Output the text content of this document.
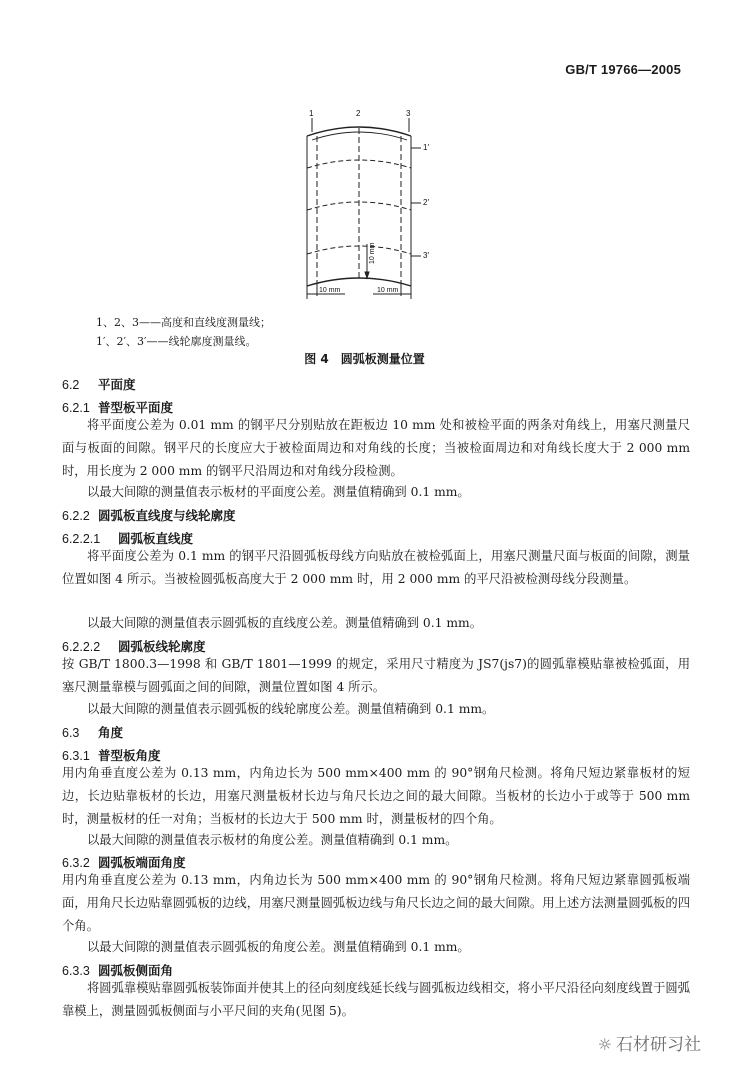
GB/T 19766—2005
1	2	3
1′
2′
3′
10 mm	10 mm
10 mm
1、2、3——高度和直线度测量线；
1′、2′、3′——线轮廓度测量线。
图 4　圆弧板测量位置
6.2 平面度
6.2.1 普型板平面度
将平面度公差为 0.01 mm 的钢平尺分别贴放在距板边 10 mm 处和被检平面的两条对角线上，用塞尺测量尺面与板面的间隙。钢平尺的长度应大于被检面周边和对角线的长度；当被检面周边和对角线长度大于 2 000 mm 时，用长度为 2 000 mm 的钢平尺沿周边和对角线分段检测。
以最大间隙的测量值表示板材的平面度公差。测量值精确到 0.1 mm。
6.2.2 圆弧板直线度与线轮廓度
6.2.2.1 圆弧板直线度
将平面度公差为 0.1 mm 的钢平尺沿圆弧板母线方向贴放在被检弧面上，用塞尺测量尺面与板面的间隙，测量位置如图 4 所示。当被检圆弧板高度大于 2 000 mm 时，用 2 000 mm 的平尺沿被检测母线分段测量。
以最大间隙的测量值表示圆弧板的直线度公差。测量值精确到 0.1 mm。
6.2.2.2 圆弧板线轮廓度
按 GB/T 1800.3—1998 和 GB/T 1801—1999 的规定，采用尺寸精度为 JS7(js7)的圆弧靠模贴靠被检弧面，用塞尺测量靠模与圆弧面之间的间隙，测量位置如图 4 所示。
以最大间隙的测量值表示圆弧板的线轮廓度公差。测量值精确到 0.1 mm。
6.3 角度
6.3.1 普型板角度
用内角垂直度公差为 0.13 mm，内角边长为 500 mm×400 mm 的 90°钢角尺检测。将角尺短边紧靠板材的短边，长边贴靠板材的长边，用塞尺测量板材长边与角尺长边之间的最大间隙。当板材的长边小于或等于 500 mm 时，测量板材的任一对角；当板材的长边大于 500 mm 时，测量板材的四个角。
以最大间隙的测量值表示板材的角度公差。测量值精确到 0.1 mm。
6.3.2 圆弧板端面角度
用内角垂直度公差为 0.13 mm，内角边长为 500 mm×400 mm 的 90°钢角尺检测。将角尺短边紧靠圆弧板端面，用角尺长边贴靠圆弧板的边线，用塞尺测量圆弧板边线与角尺长边之间的最大间隙。用上述方法测量圆弧板的四个角。
以最大间隙的测量值表示圆弧板的角度公差。测量值精确到 0.1 mm。
6.3.3 圆弧板侧面角
将圆弧靠模贴靠圆弧板装饰面并使其上的径向刻度线延长线与圆弧板边线相交，将小平尺沿径向刻度线置于圆弧靠模上，测量圆弧板侧面与小平尺间的夹角(见图 5)。
☼ 石材研习社
